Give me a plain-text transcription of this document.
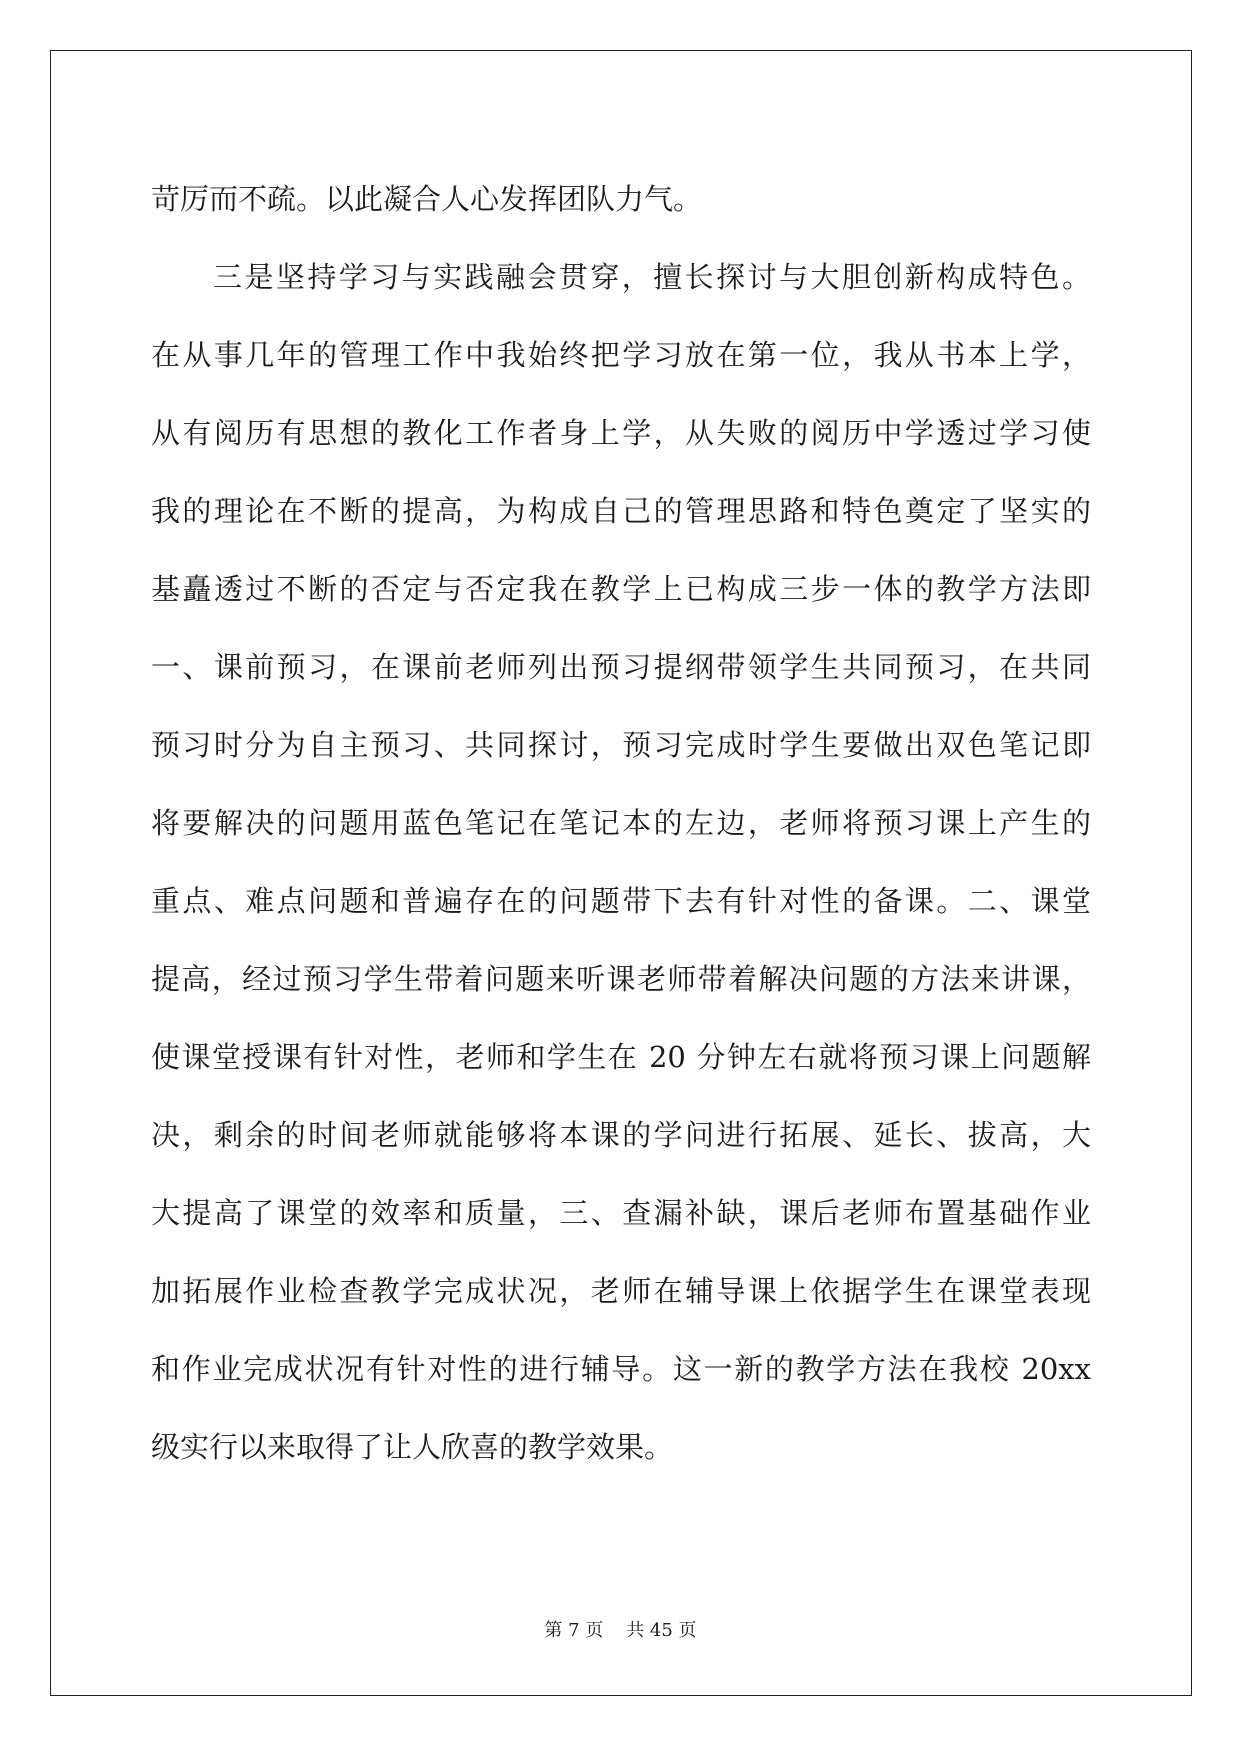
苛厉而不疏。以此凝合人心发挥团队力气。
三是坚持学习与实践融会贯穿，擅长探讨与大胆创新构成特色。
在从事几年的管理工作中我始终把学习放在第一位，我从书本上学，
从有阅历有思想的教化工作者身上学，从失败的阅历中学透过学习使
我的理论在不断的提高，为构成自己的管理思路和特色奠定了坚实的
基矗透过不断的否定与否定我在教学上已构成三步一体的教学方法即
一、课前预习，在课前老师列出预习提纲带领学生共同预习，在共同
预习时分为自主预习、共同探讨，预习完成时学生要做出双色笔记即
将要解决的问题用蓝色笔记在笔记本的左边，老师将预习课上产生的
重点、难点问题和普遍存在的问题带下去有针对性的备课。二、课堂
提高，经过预习学生带着问题来听课老师带着解决问题的方法来讲课，
使课堂授课有针对性，老师和学生在 20 分钟左右就将预习课上问题解
决，剩余的时间老师就能够将本课的学问进行拓展、延长、拔高，大
大提高了课堂的效率和质量，三、查漏补缺，课后老师布置基础作业
加拓展作业检查教学完成状况，老师在辅导课上依据学生在课堂表现
和作业完成状况有针对性的进行辅导。这一新的教学方法在我校 20xx
级实行以来取得了让人欣喜的教学效果。
第 7 页    共 45 页
